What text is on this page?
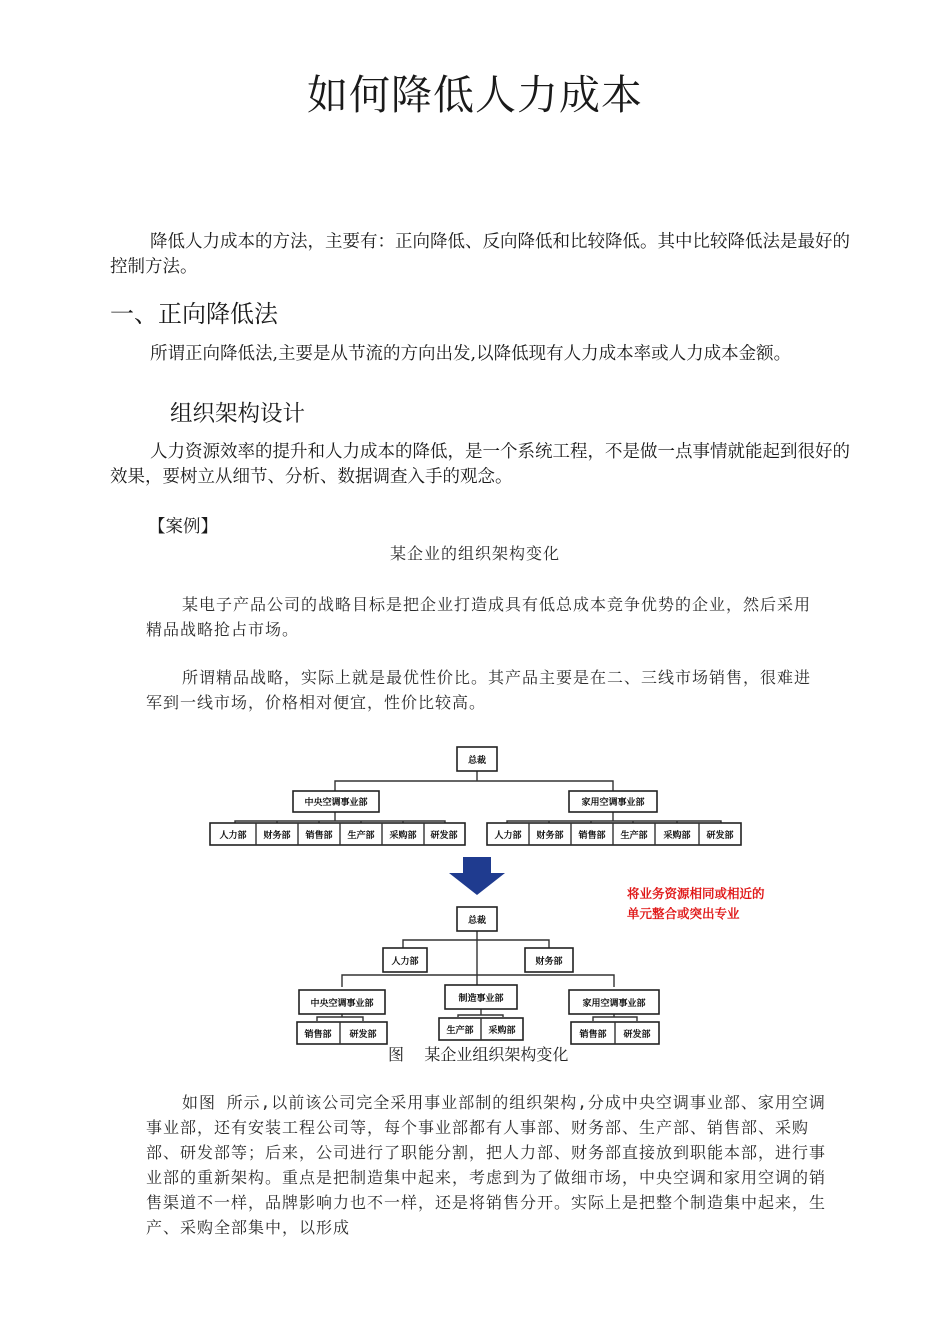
如何降低人力成本

降低人力成本的方法，主要有：正向降低、反向降低和比较降低。其中比较降低法是最好的控制方法。

一、正向降低法

所谓正向降低法,主要是从节流的方向出发,以降低现有人力成本率或人力成本金额。

组织架构设计

人力资源效率的提升和人力成本的降低，是一个系统工程，不是做一点事情就能起到很好的效果，要树立从细节、分析、数据调查入手的观念。

【案例】

某企业的组织架构变化

某电子产品公司的战略目标是把企业打造成具有低总成本竞争优势的企业，然后采用精品战略抢占市场。

所谓精品战略，实际上就是最优性价比。其产品主要是在二、三线市场销售，很难进军到一线市场，价格相对便宜，性价比较高。

总裁
中央空调事业部	家用空调事业部
人力部 财务部 销售部 生产部 采购部 研发部	人力部 财务部 销售部 生产部 采购部 研发部
将业务资源相同或相近的
单元整合或突出专业
总裁
人力部	财务部
中央空调事业部	制造事业部	家用空调事业部
销售部 研发部	生产部 采购部	销售部 研发部

图 某企业组织架构变化

如图 所示,以前该公司完全采用事业部制的组织架构,分成中央空调事业部、家用空调事业部，还有安装工程公司等，每个事业部都有人事部、财务部、生产部、销售部、采购部、研发部等；后来，公司进行了职能分割，把人力部、财务部直接放到职能本部，进行事业部的重新架构。重点是把制造集中起来，考虑到为了做细市场，中央空调和家用空调的销售渠道不一样，品牌影响力也不一样，还是将销售分开。实际上是把整个制造集中起来，生产、采购全部集中，以形成
